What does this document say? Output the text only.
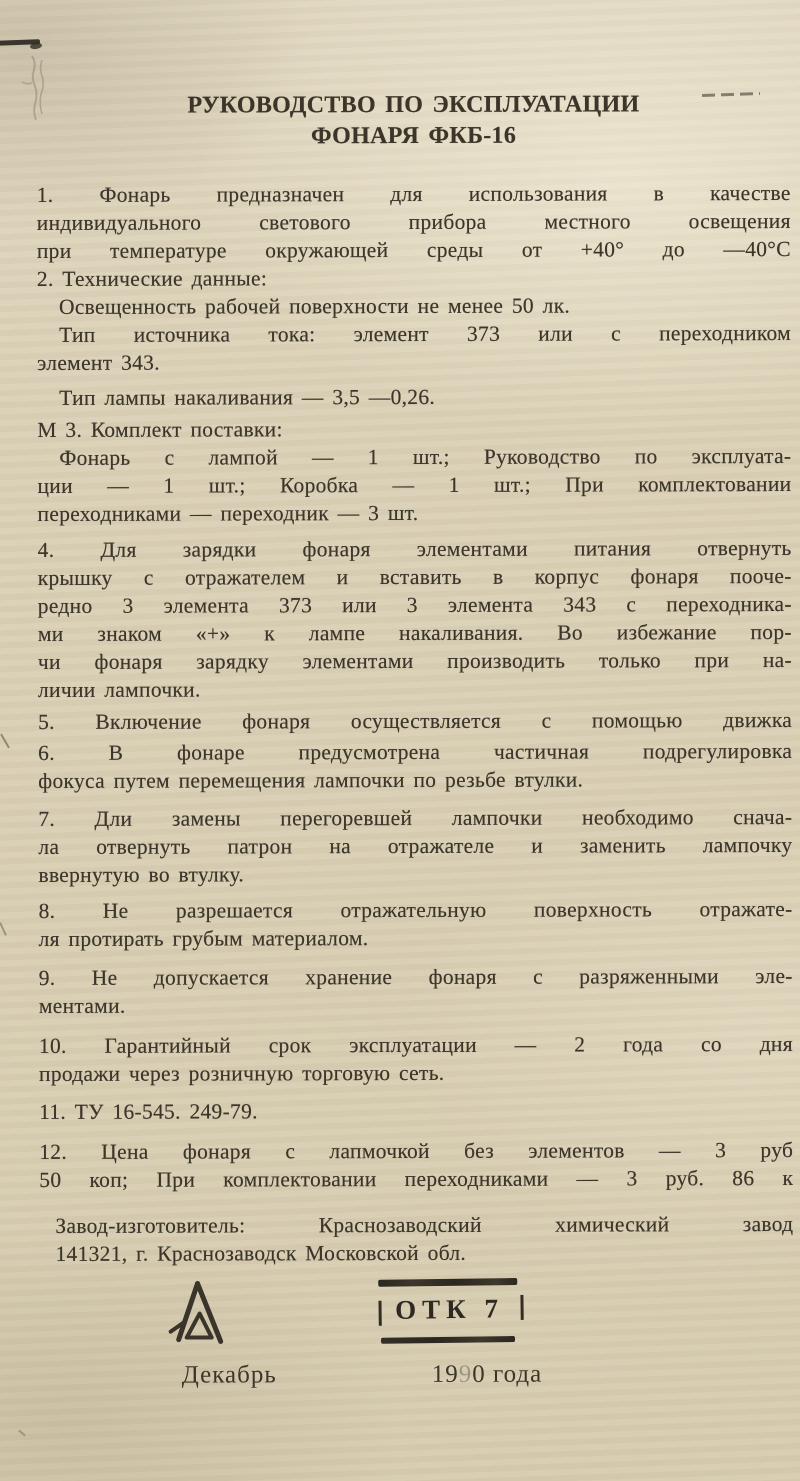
РУКОВОДСТВО ПО ЭКСПЛУАТАЦИИ
ФОНАРЯ ФКБ-16

1. Фонарь предназначен для использования в качестве
индивидуального светового прибора местного освещения
при температуре окружающей среды от +40° до —40°С

2. Технические данные:
Освещенность рабочей поверхности не менее 50 лк.
Тип источника тока: элемент 373 или с переходником
элемент 343.
Тип лампы накаливания — 3,5 —0,26.

М 3. Комплект поставки:
Фонарь с лампой — 1 шт.; Руководство по эксплуата-
ции — 1 шт.; Коробка — 1 шт.; При комплектовании
переходниками — переходник — 3 шт.

4. Для зарядки фонаря элементами питания отвернуть
крышку с отражателем и вставить в корпус фонаря пооче-
редно 3 элемента 373 или 3 элемента 343 с переходника-
ми знаком «+» к лампе накаливания. Во избежание пор-
чи фонаря зарядку элементами производить только при на-
личии лампочки.

5. Включение фонаря осуществляется с помощью движка

6. В фонаре предусмотрена частичная подрегулировка
фокуса путем перемещения лампочки по резьбе втулки.

7. Дли замены перегоревшей лампочки необходимо снача-
ла отвернуть патрон на отражателе и заменить лампочку
ввернутую во втулку.

8. Не разрешается отражательную поверхность отражате-
ля протирать грубым материалом.

9. Не допускается хранение фонаря с разряженными эле-
ментами.

10. Гарантийный срок эксплуатации — 2 года со дня
продажи через розничную торговую сеть.

11. ТУ 16-545. 249-79.

12. Цена фонаря с лапмочкой без элементов — 3 руб
50 коп; При комплектовании переходниками — 3 руб. 86 к

Завод-изготовитель: Краснозаводский химический завод
141321, г. Краснозаводск Московской обл.

ОТК 7
Декабрь	1990 года
